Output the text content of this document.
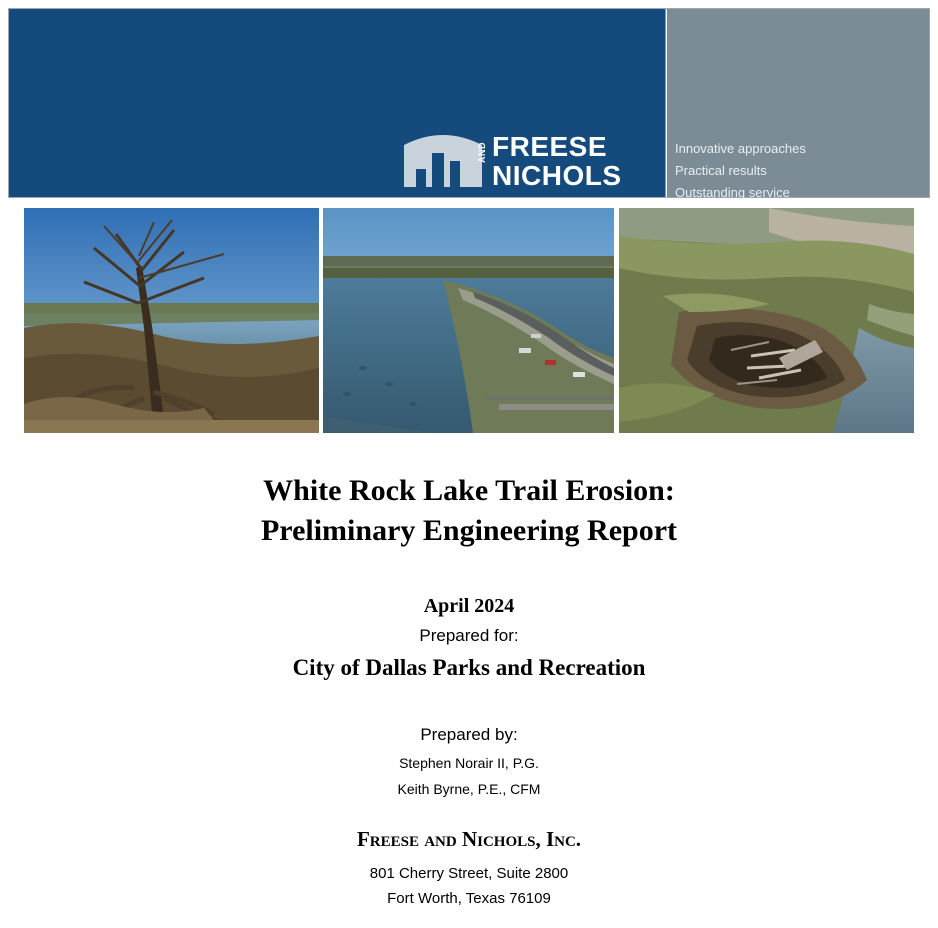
FREESE
NICHOLS
AND	Innovative approaches
Practical results
Outstanding service
White Rock Lake Trail Erosion:
Preliminary Engineering Report
April 2024
Prepared for:
City of Dallas Parks and Recreation
Prepared by:
Stephen Norair II, P.G.
Keith Byrne, P.E., CFM
Freese and Nichols, Inc.
801 Cherry Street, Suite 2800
Fort Worth, Texas 76109
